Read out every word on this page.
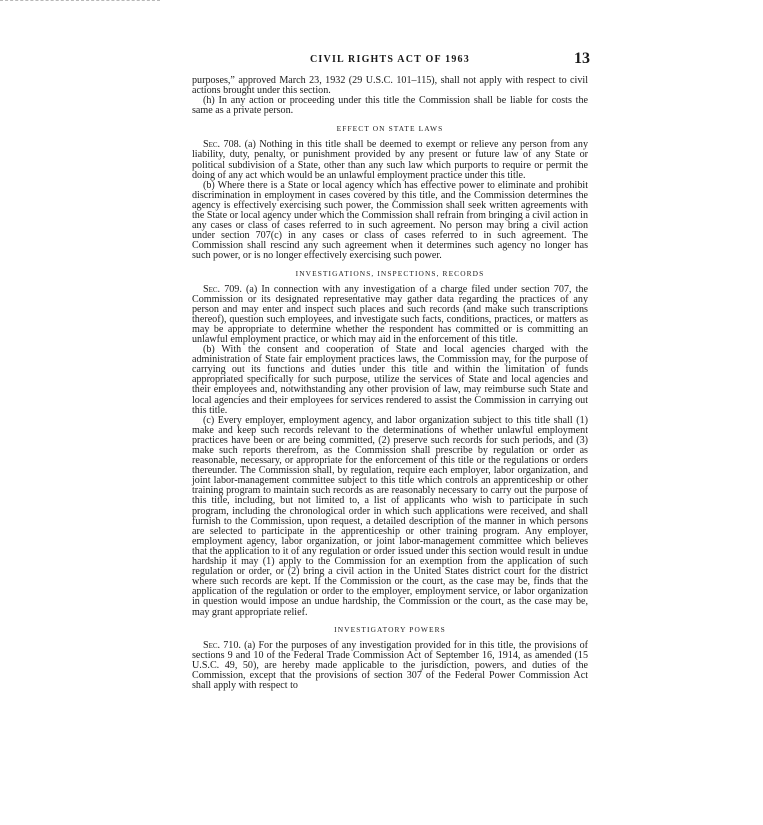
CIVIL RIGHTS ACT OF 1963	13

purposes,” approved March 23, 1932 (29 U.S.C. 101–115), shall not apply with respect to civil actions brought under this section.

(h) In any action or proceeding under this title the Commission shall be liable for costs the same as a private person.

EFFECT ON STATE LAWS

Sec. 708. (a) Nothing in this title shall be deemed to exempt or relieve any person from any liability, duty, penalty, or punishment provided by any present or future law of any State or political subdivision of a State, other than any such law which purports to require or permit the doing of any act which would be an unlawful employment practice under this title.

(b) Where there is a State or local agency which has effective power to eliminate and prohibit discrimination in employment in cases covered by this title, and the Commission determines the agency is effectively exercising such power, the Commission shall seek written agreements with the State or local agency under which the Commission shall refrain from bringing a civil action in any cases or class of cases referred to in such agreement. No person may bring a civil action under section 707(c) in any cases or class of cases referred to in such agreement. The Commission shall rescind any such agreement when it determines such agency no longer has such power, or is no longer effectively exercising such power.

INVESTIGATIONS, INSPECTIONS, RECORDS

Sec. 709. (a) In connection with any investigation of a charge filed under section 707, the Commission or its designated representative may gather data regarding the practices of any person and may enter and inspect such places and such records (and make such transcriptions thereof), question such employees, and investigate such facts, conditions, practices, or matters as may be appropriate to determine whether the respondent has committed or is committing an unlawful employment practice, or which may aid in the enforcement of this title.

(b) With the consent and cooperation of State and local agencies charged with the administration of State fair employment practices laws, the Commission may, for the purpose of carrying out its functions and duties under this title and within the limitation of funds appropriated specifically for such purpose, utilize the services of State and local agencies and their employees and, notwithstanding any other provision of law, may reimburse such State and local agencies and their employees for services rendered to assist the Commission in carrying out this title.

(c) Every employer, employment agency, and labor organization subject to this title shall (1) make and keep such records relevant to the determinations of whether unlawful employment practices have been or are being committed, (2) preserve such records for such periods, and (3) make such reports therefrom, as the Commission shall prescribe by regulation or order as reasonable, necessary, or appropriate for the enforcement of this title or the regulations or orders thereunder. The Commission shall, by regulation, require each employer, labor organization, and joint labor-management committee subject to this title which controls an apprenticeship or other training program to maintain such records as are reasonably necessary to carry out the purpose of this title, including, but not limited to, a list of applicants who wish to participate in such program, including the chronological order in which such applications were received, and shall furnish to the Commission, upon request, a detailed description of the manner in which persons are selected to participate in the apprenticeship or other training program. Any employer, employment agency, labor organization, or joint labor-management committee which believes that the application to it of any regulation or order issued under this section would result in undue hardship it may (1) apply to the Commission for an exemption from the application of such regulation or order, or (2) bring a civil action in the United States district court for the district where such records are kept. If the Commission or the court, as the case may be, finds that the application of the regulation or order to the employer, employment service, or labor organization in question would impose an undue hardship, the Commission or the court, as the case may be, may grant appropriate relief.

INVESTIGATORY POWERS

Sec. 710. (a) For the purposes of any investigation provided for in this title, the provisions of sections 9 and 10 of the Federal Trade Commission Act of September 16, 1914, as amended (15 U.S.C. 49, 50), are hereby made applicable to the jurisdiction, powers, and duties of the Commission, except that the provisions of section 307 of the Federal Power Commission Act shall apply with respect to
